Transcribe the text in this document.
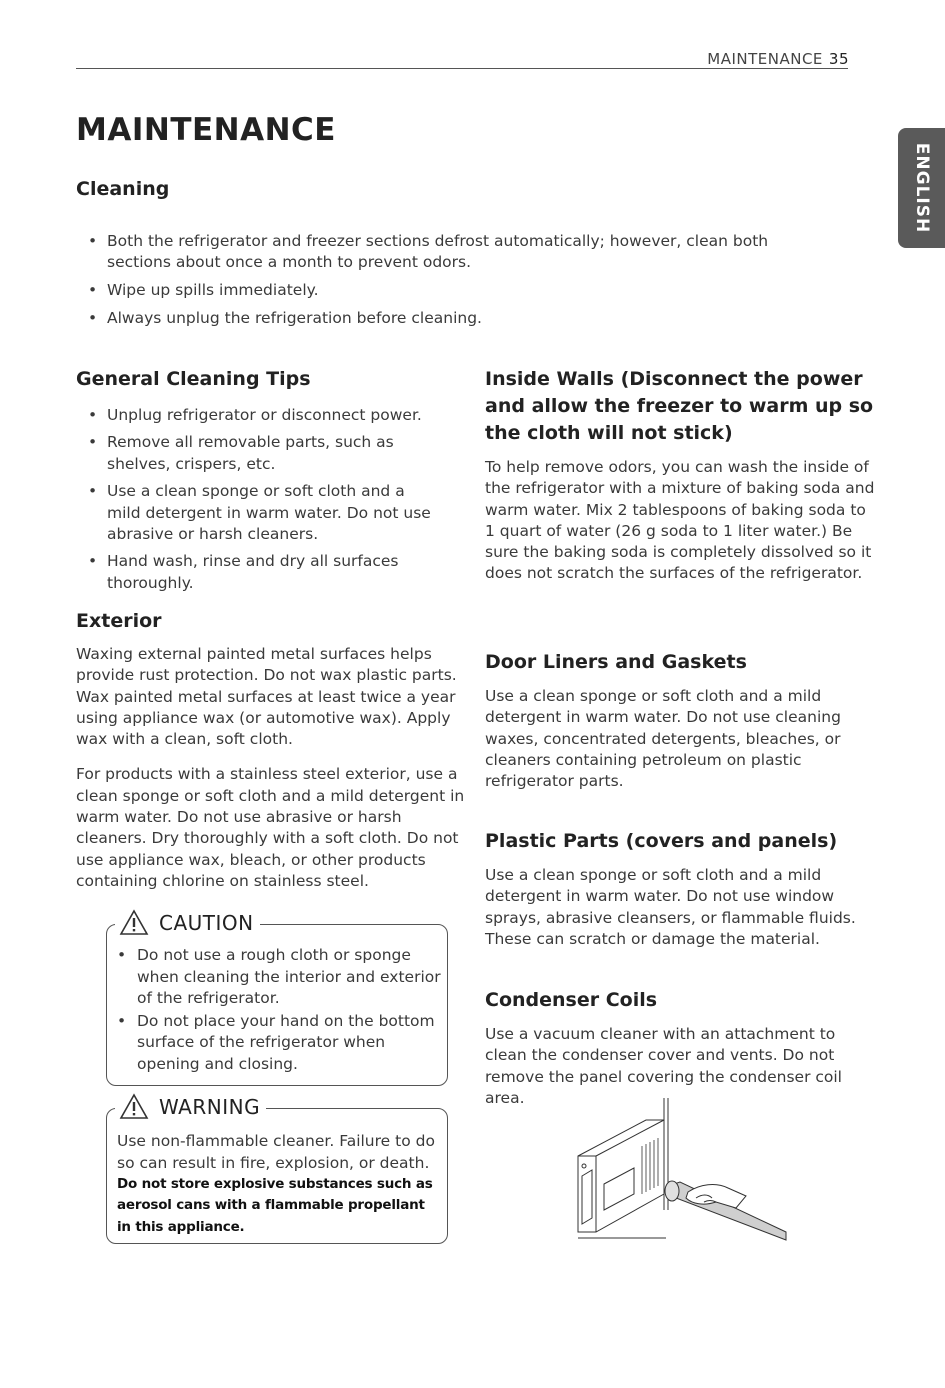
MAINTENANCE 35
ENGLISH
MAINTENANCE
Cleaning
• Both the refrigerator and freezer sections defrost automatically; however, clean both sections about once a month to prevent odors.
• Wipe up spills immediately.
• Always unplug the refrigeration before cleaning.
General Cleaning Tips
• Unplug refrigerator or disconnect power.
• Remove all removable parts, such as shelves, crispers, etc.
• Use a clean sponge or soft cloth and a mild detergent in warm water. Do not use abrasive or harsh cleaners.
• Hand wash, rinse and dry all surfaces thoroughly.
Exterior

Waxing external painted metal surfaces helps provide rust protection. Do not wax plastic parts. Wax painted metal surfaces at least twice a year using appliance wax (or automotive wax). Apply wax with a clean, soft cloth.

For products with a stainless steel exterior, use a clean sponge or soft cloth and a mild detergent in warm water. Do not use abrasive or harsh cleaners. Dry thoroughly with a soft cloth. Do not use appliance wax, bleach, or other products containing chlorine on stainless steel.

CAUTION
• Do not use a rough cloth or sponge when cleaning the interior and exterior of the refrigerator.
• Do not place your hand on the bottom surface of the refrigerator when opening and closing.
WARNING

Use non-flammable cleaner. Failure to do so can result in fire, explosion, or death.

Do not store explosive substances such as aerosol cans with a flammable propellant in this appliance.

Inside Walls (Disconnect the power and allow the freezer to warm up so the cloth will not stick)

To help remove odors, you can wash the inside of the refrigerator with a mixture of baking soda and warm water. Mix 2 tablespoons of baking soda to 1 quart of water (26 g soda to 1 liter water.) Be sure the baking soda is completely dissolved so it does not scratch the surfaces of the refrigerator.

Door Liners and Gaskets

Use a clean sponge or soft cloth and a mild detergent in warm water. Do not use cleaning waxes, concentrated detergents, bleaches, or cleaners containing petroleum on plastic refrigerator parts.

Plastic Parts (covers and panels)

Use a clean sponge or soft cloth and a mild detergent in warm water. Do not use window sprays, abrasive cleansers, or flammable fluids. These can scratch or damage the material.

Condenser Coils

Use a vacuum cleaner with an attachment to clean the condenser cover and vents. Do not remove the panel covering the condenser coil area.
